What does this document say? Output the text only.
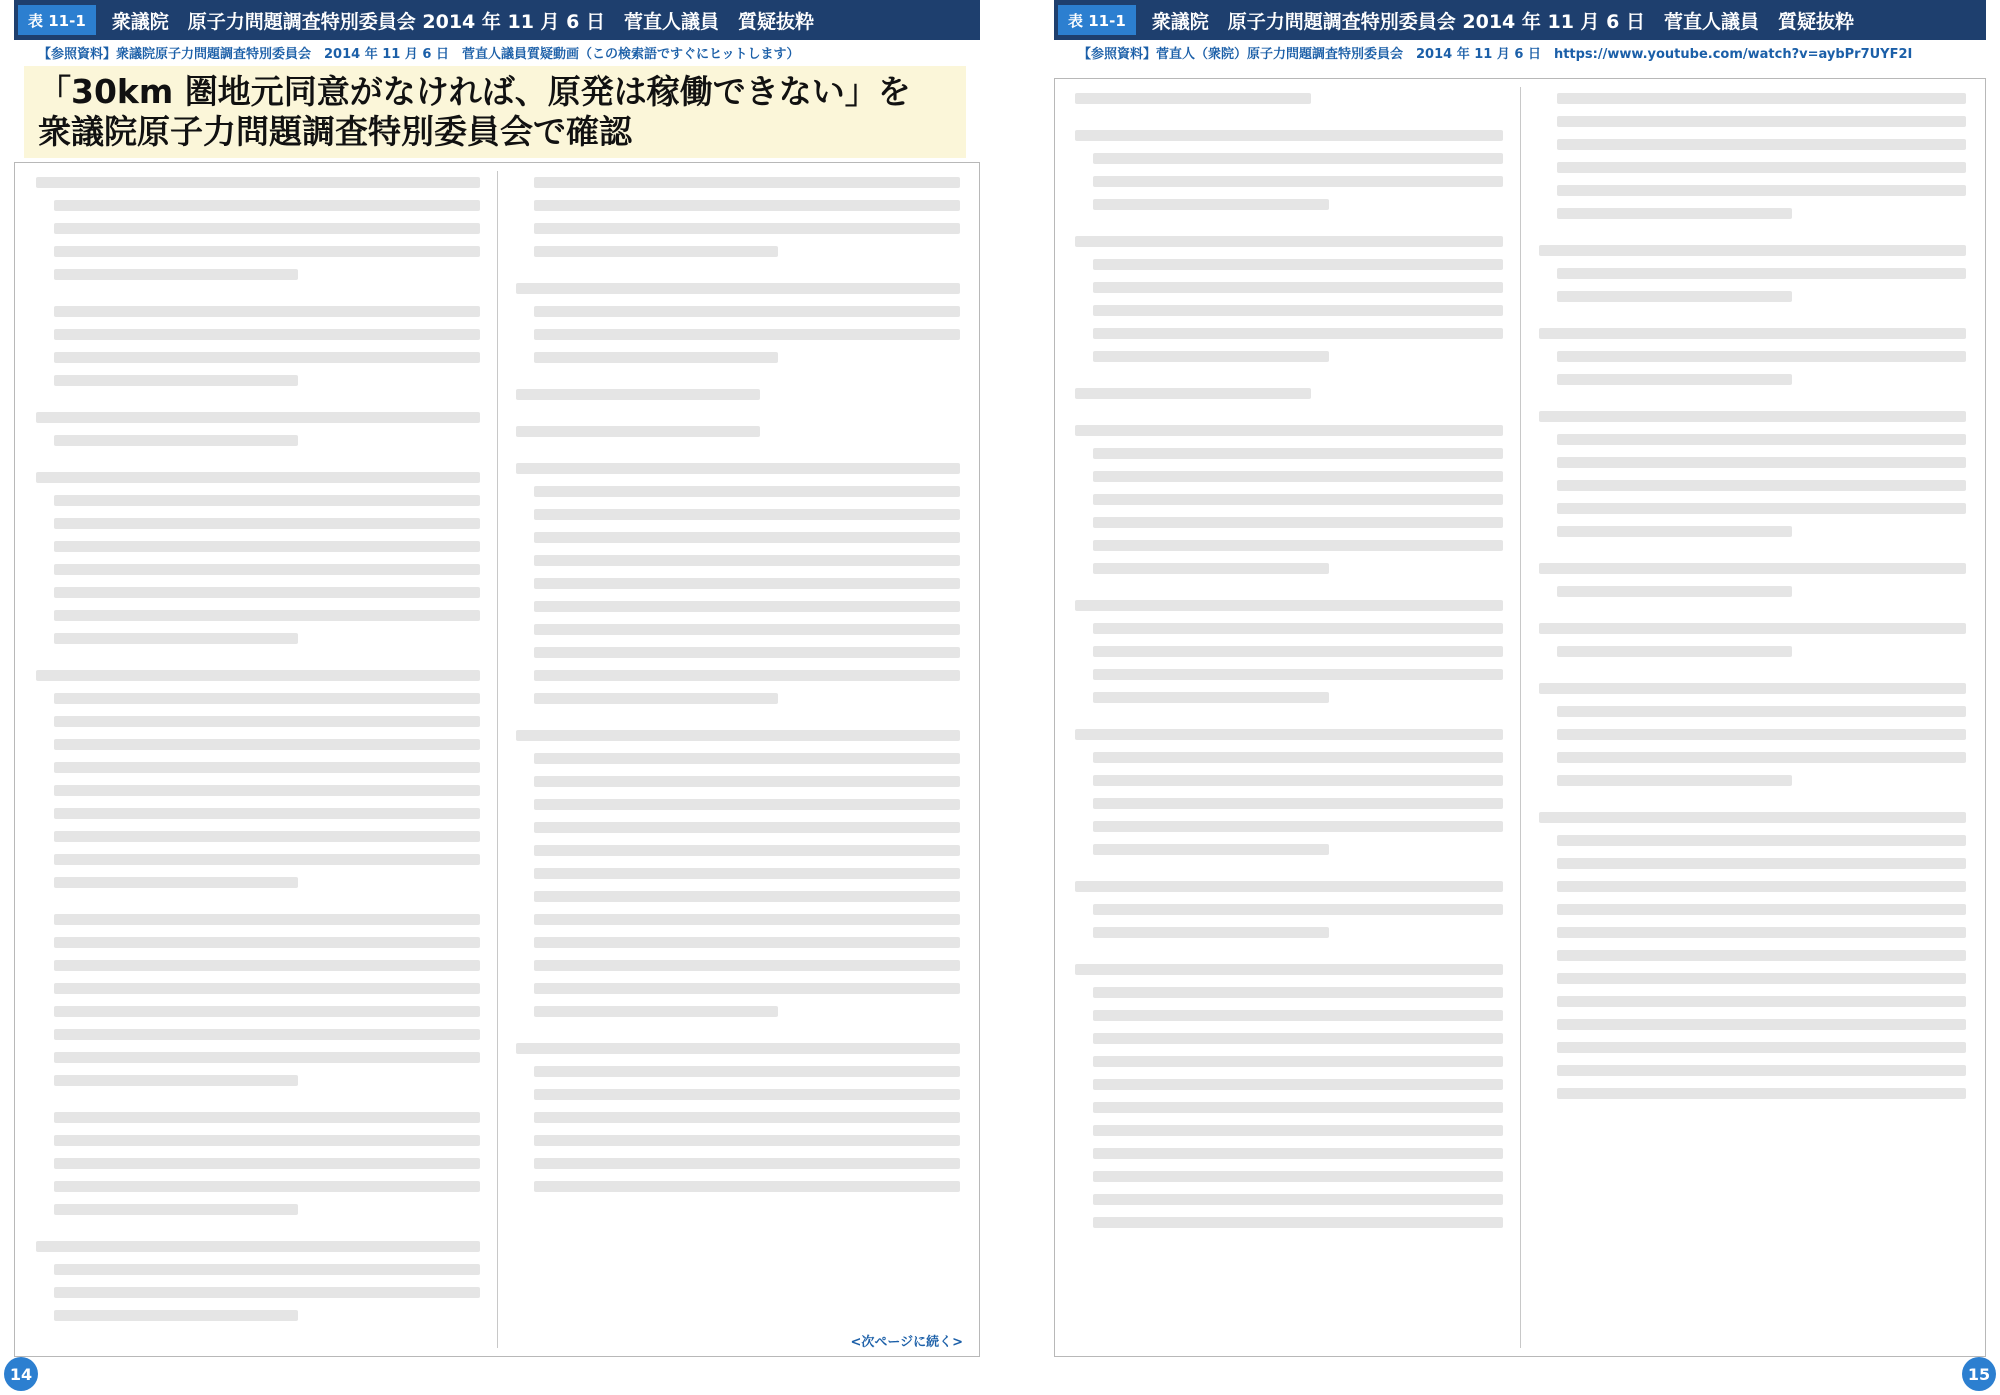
表 11-1	衆議院　原子力問題調査特別委員会 2014 年 11 月 6 日　菅直人議員　質疑抜粋
【参照資料】衆議院原子力問題調査特別委員会　2014 年 11 月 6 日　菅直人議員質疑動画（この検索語ですぐにヒットします）

「30km 圏地元同意がなければ、原発は稼働できない」を
衆議院原子力問題調査特別委員会で確認

<次ページに続く>
14
表 11-1	衆議院　原子力問題調査特別委員会 2014 年 11 月 6 日　菅直人議員　質疑抜粋
【参照資料】菅直人（衆院）原子力問題調査特別委員会　2014 年 11 月 6 日　https://www.youtube.com/watch?v=aybPr7UYF2I
15
